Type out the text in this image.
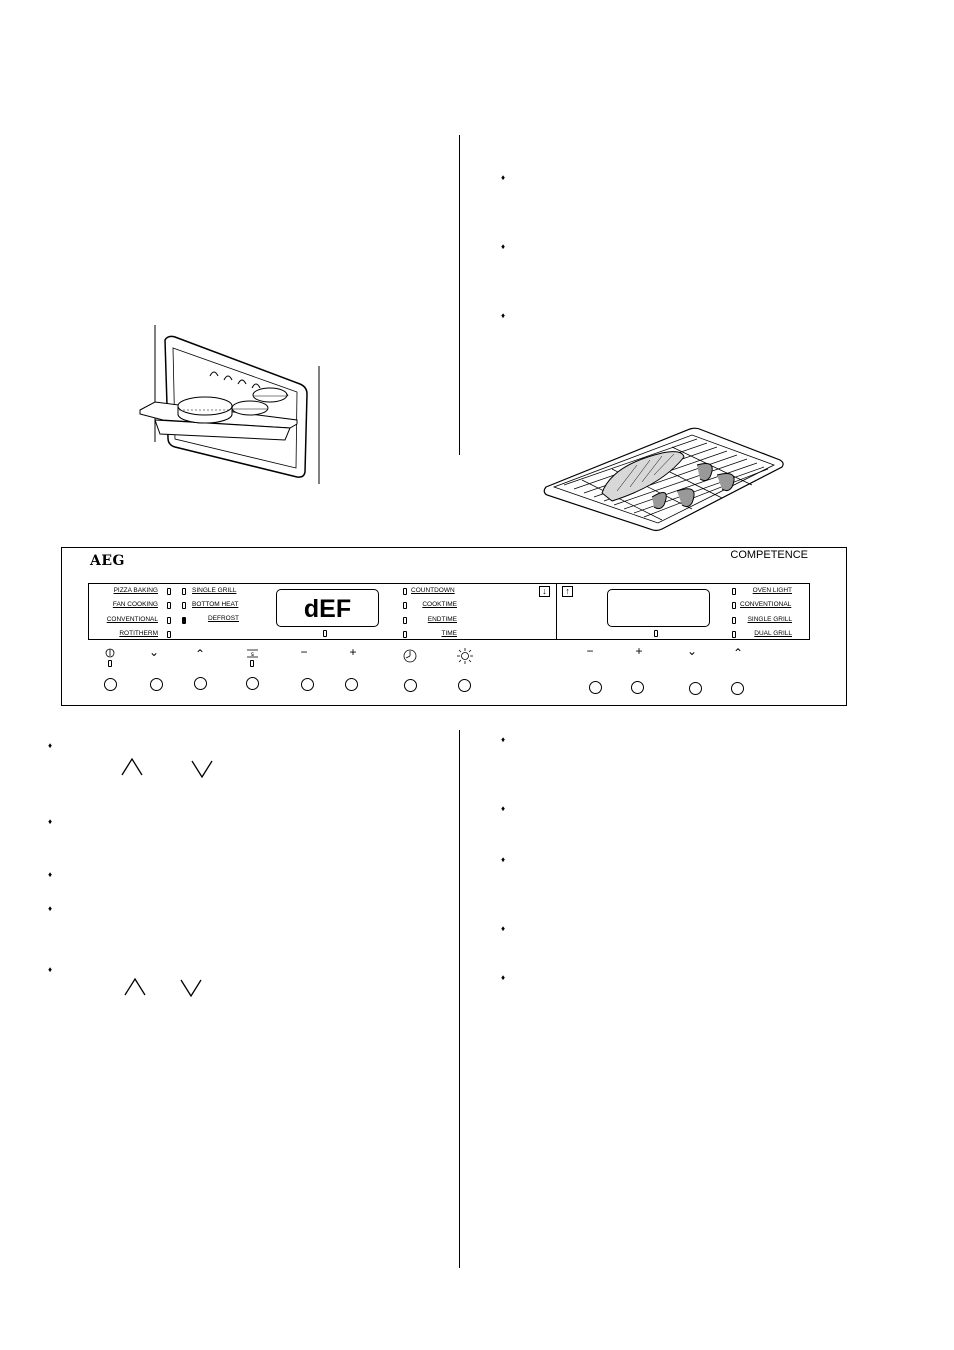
♦
♦
♦
AEG	COMPETENCE
PIZZA BAKING
FAN COOKING
CONVENTIONAL
ROTITHERM
SINGLE GRILL
BOTTOM HEAT
DEFROST	dEF
COUNTDOWN
COOKTIME
ENDTIME
TIME
↓	↑	OVEN LIGHT
CONVENTIONAL
SINGLE GRILL
DUAL GRILL
⌄	⌃	s	−	+	−	+	⌄	⌃
♦
♦
♦
♦
♦
♦
♦
♦
♦
♦
